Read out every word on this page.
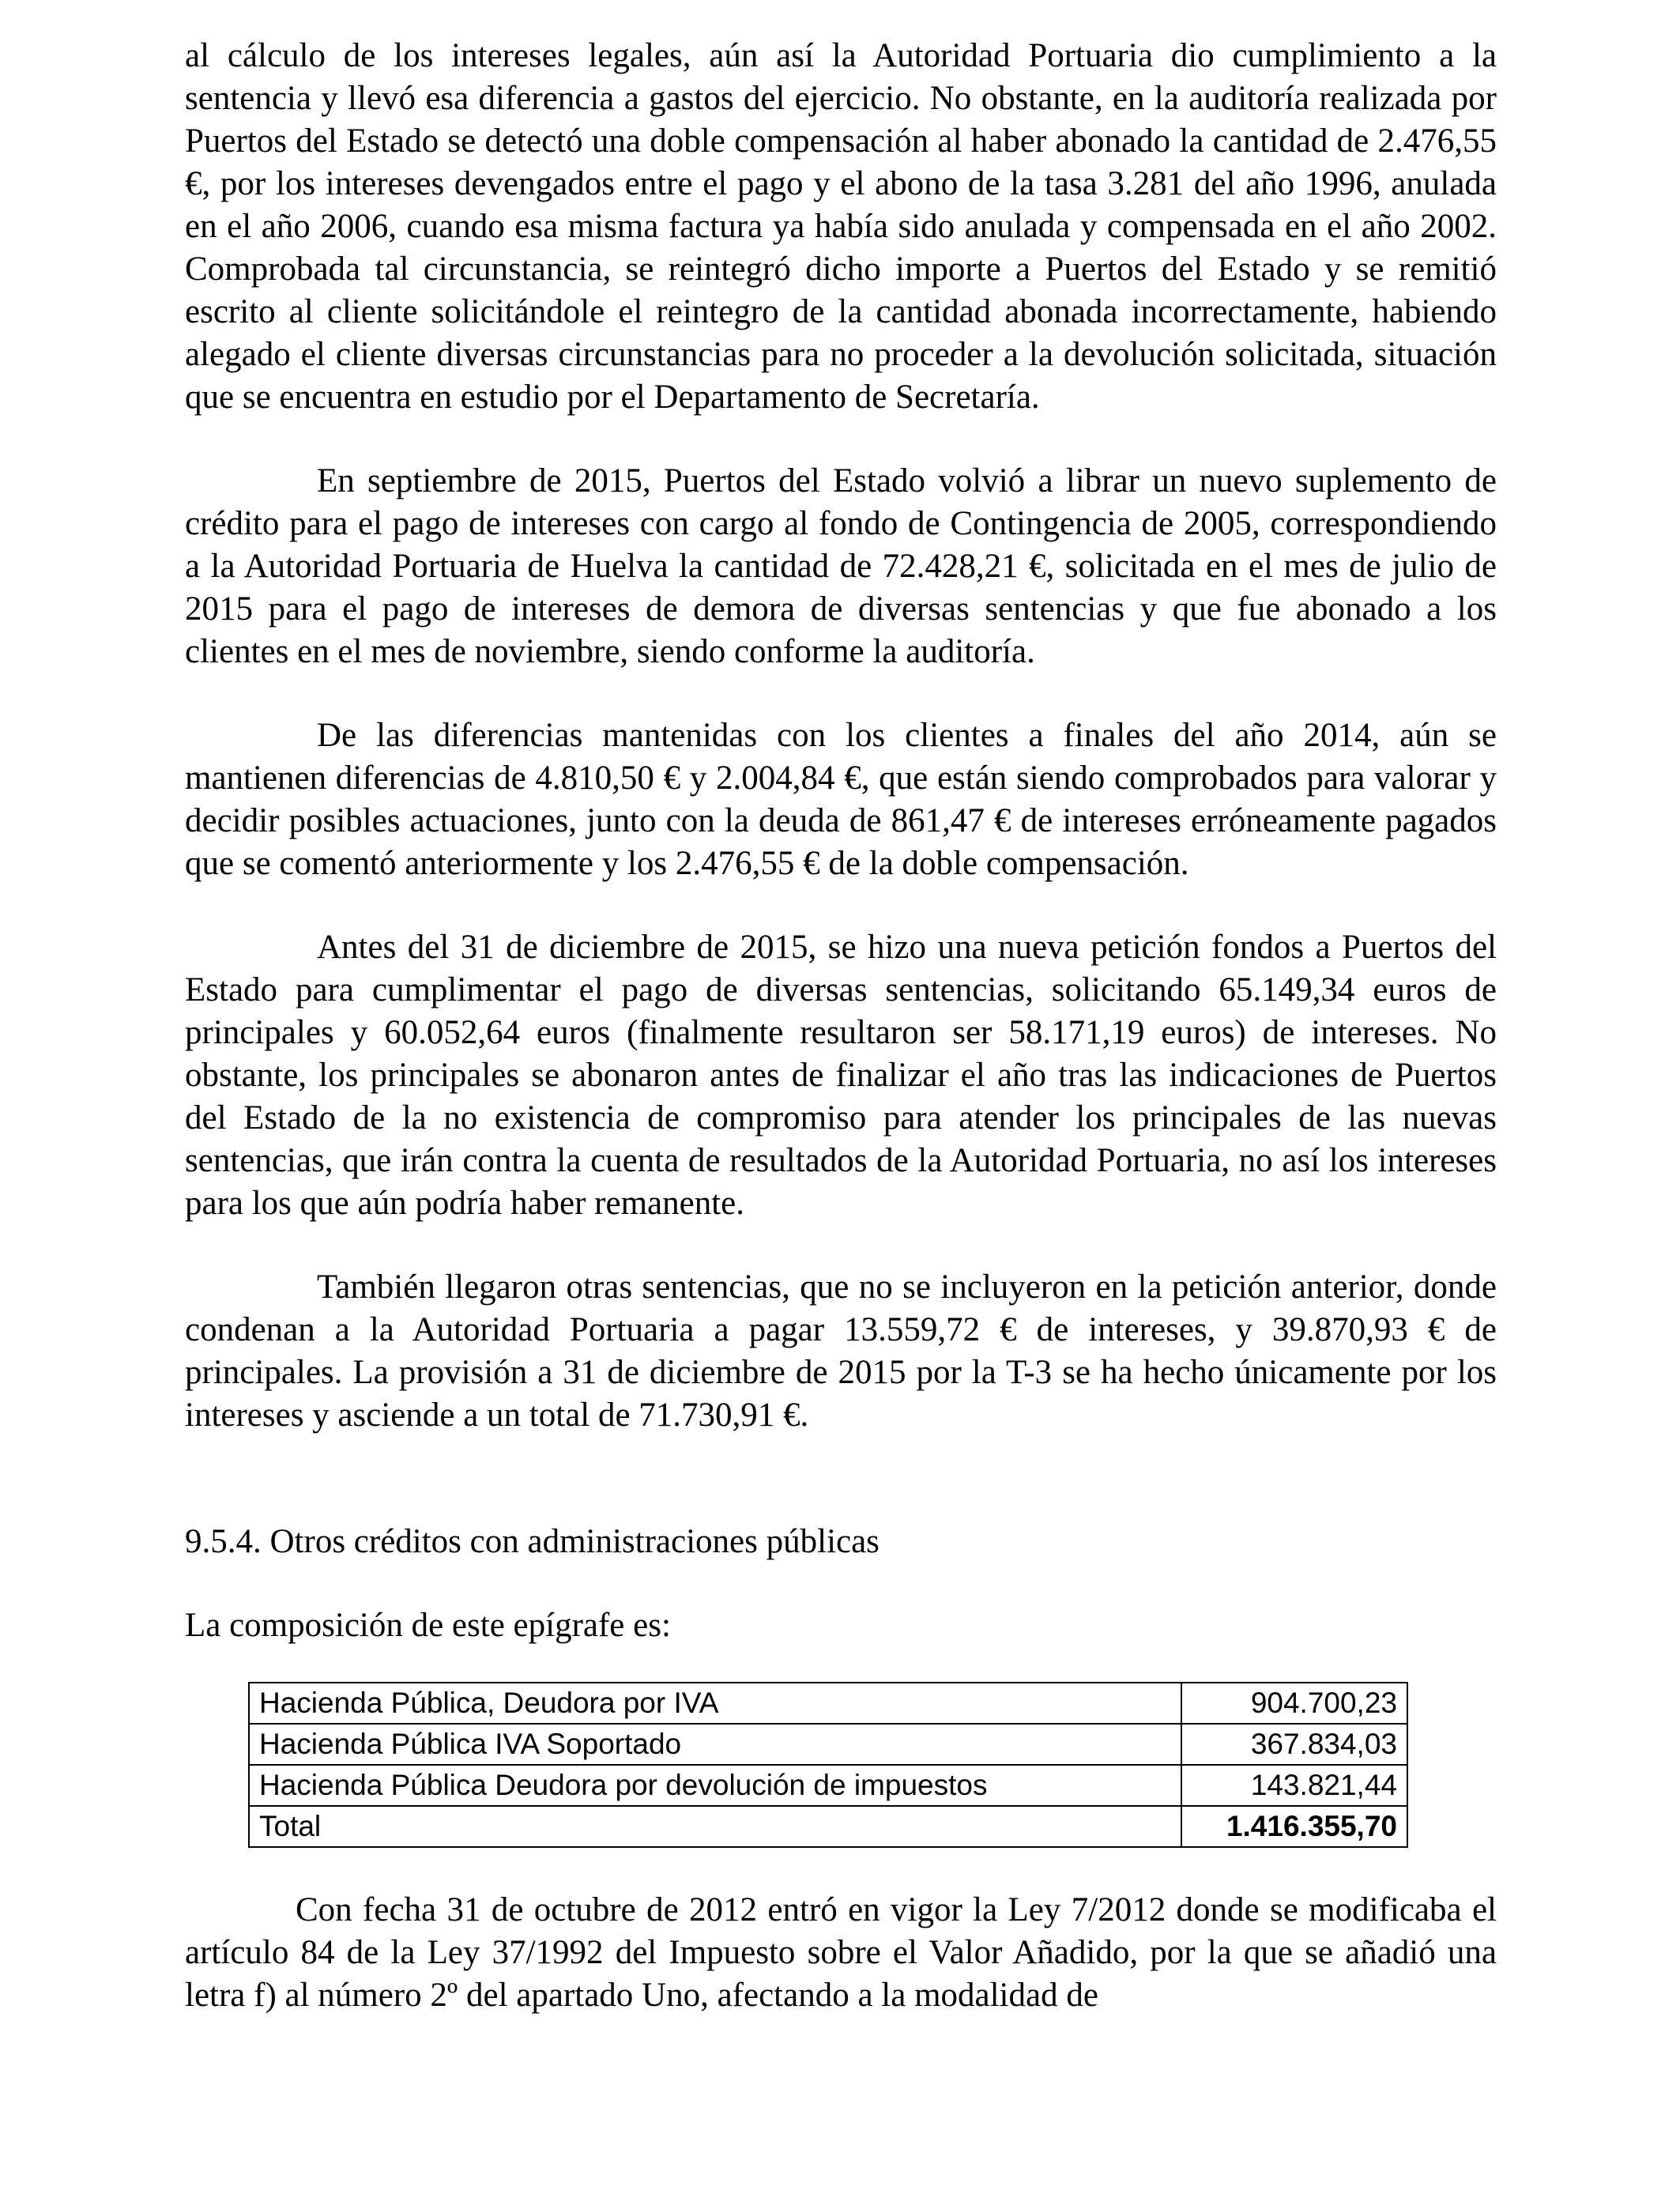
al cálculo de los intereses legales, aún así la Autoridad Portuaria dio cumplimiento a la sentencia y llevó esa diferencia a gastos del ejercicio. No obstante, en la auditoría realizada por Puertos del Estado se detectó una doble compensación al haber abonado la cantidad de 2.476,55 €, por los intereses devengados entre el pago y el abono de la tasa 3.281 del año 1996, anulada en el año 2006, cuando esa misma factura ya había sido anulada y compensada en el año 2002. Comprobada tal circunstancia, se reintegró dicho importe a Puertos del Estado y se remitió escrito al cliente solicitándole el reintegro de la cantidad abonada incorrectamente, habiendo alegado el cliente diversas circunstancias para no proceder a la devolución solicitada, situación que se encuentra en estudio por el Departamento de Secretaría.

En septiembre de 2015, Puertos del Estado volvió a librar un nuevo suplemento de crédito para el pago de intereses con cargo al fondo de Contingencia de 2005, correspondiendo a la Autoridad Portuaria de Huelva la cantidad de 72.428,21 €, solicitada en el mes de julio de 2015 para el pago de intereses de demora de diversas sentencias y que fue abonado a los clientes en el mes de noviembre, siendo conforme la auditoría.

De las diferencias mantenidas con los clientes a finales del año 2014, aún se mantienen diferencias de 4.810,50 € y 2.004,84 €, que están siendo comprobados para valorar y decidir posibles actuaciones, junto con la deuda de 861,47 € de intereses erróneamente pagados que se comentó anteriormente y los 2.476,55 € de la doble compensación.

Antes del 31 de diciembre de 2015, se hizo una nueva petición fondos a Puertos del Estado para cumplimentar el pago de diversas sentencias, solicitando 65.149,34 euros de principales y 60.052,64 euros (finalmente resultaron ser 58.171,19 euros) de intereses. No obstante, los principales se abonaron antes de finalizar el año tras las indicaciones de Puertos del Estado de la no existencia de compromiso para atender los principales de las nuevas sentencias, que irán contra la cuenta de resultados de la Autoridad Portuaria, no así los intereses para los que aún podría haber remanente.

También llegaron otras sentencias, que no se incluyeron en la petición anterior, donde condenan a la Autoridad Portuaria a pagar 13.559,72 € de intereses, y 39.870,93 € de principales. La provisión a 31 de diciembre de 2015 por la T-3 se ha hecho únicamente por los intereses y asciende a un total de 71.730,91 €.

9.5.4. Otros créditos con administraciones públicas

La composición de este epígrafe es:

Hacienda Pública, Deudora por IVA	904.700,23
Hacienda Pública IVA Soportado	367.834,03
Hacienda Pública Deudora por devolución de impuestos	143.821,44
Total	1.416.355,70

Con fecha 31 de octubre de 2012 entró en vigor la Ley 7/2012 donde se modificaba el artículo 84 de la Ley 37/1992 del Impuesto sobre el Valor Añadido, por la que se añadió una letra f) al número 2º del apartado Uno, afectando a la modalidad de
